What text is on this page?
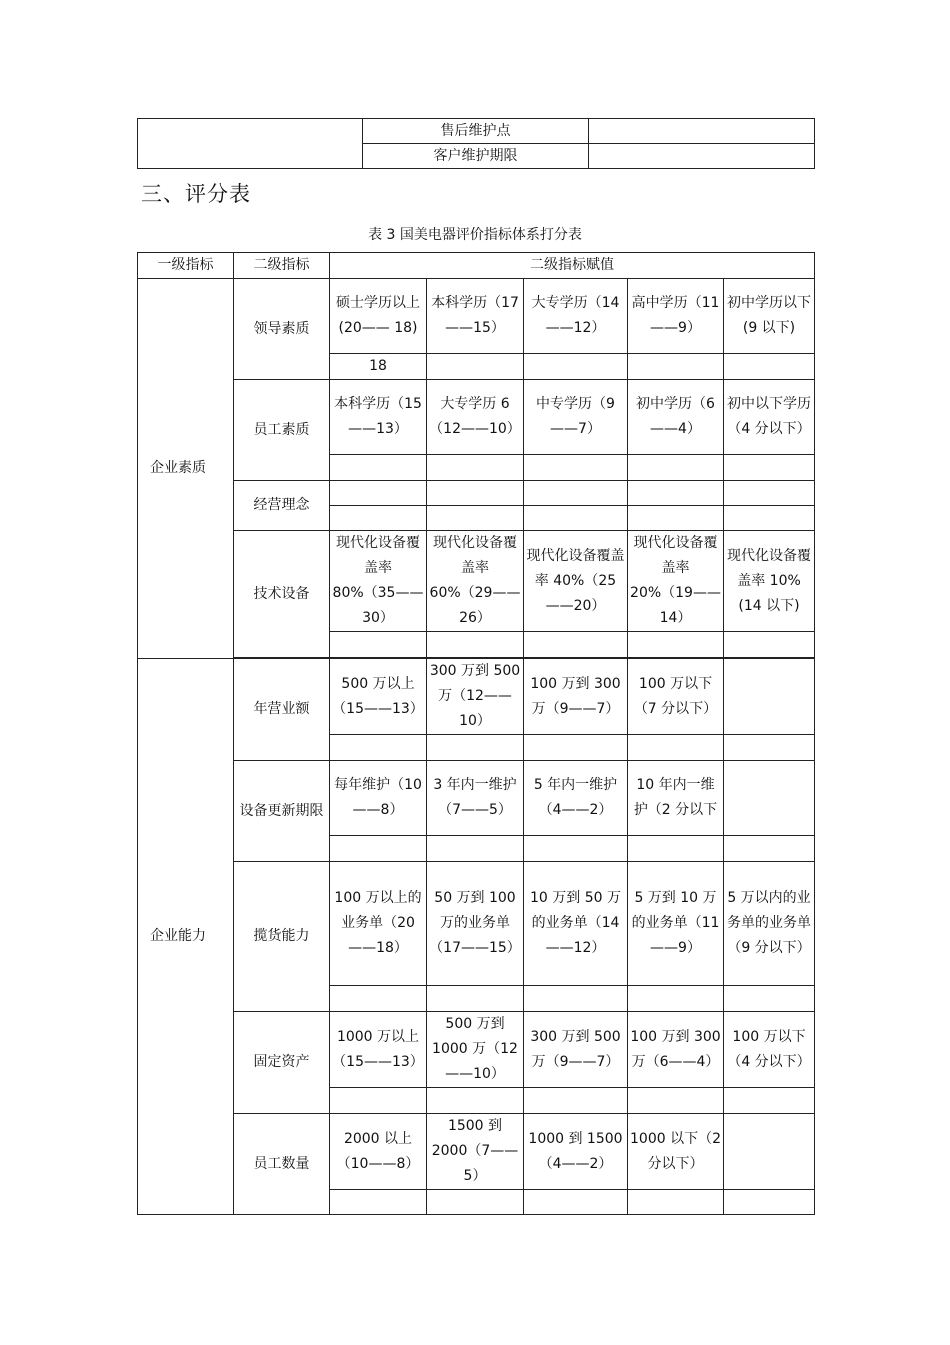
	售后维护点	
	客户维护期限	
三、评分表
表 3 国美电器评价指标体系打分表
一级指标	二级指标	二级指标赋值				
企业素质	领导素质	硕士学历以上 (20—— 18)	本科学历（17——15）	大专学历（14——12）	高中学历（11——9）	初中学历以下 (9 以下)
		18				
	员工素质	本科学历（15——13）	大专学历 6（12——10）	中专学历（9——7）	初中学历（6——4）	初中以下学历（4 分以下）

	经营理念					

	技术设备	现代化设备覆盖率 80%（35——30）	现代化设备覆盖率 60%（29——26）	现代化设备覆盖率 40%（25——20）	现代化设备覆盖率 20%（19——14）	现代化设备覆盖率 10%(14 以下)

企业能力	年营业额	500 万以上（15——13）	300 万到 500 万（12——10）	100 万到 300 万（9——7）	100 万以下（7 分以下）	

	设备更新期限	每年维护（10——8）	3 年内一维护（7——5）	5 年内一维护（4——2）	10 年内一维护（2 分以下	

	揽货能力	100 万以上的业务单（20——18）	50 万到 100 万的业务单（17——15）	10 万到 50 万的业务单（14——12）	5 万到 10 万的业务单（11——9）	5 万以内的业务单的业务单（9 分以下）

	固定资产	1000 万以上（15——13）	500 万到 1000 万（12——10）	300 万到 500 万（9——7）	100 万到 300 万（6——4）	100 万以下（4 分以下）

	员工数量	2000 以上（10——8）	1500 到 2000（7——5）	1000 到 1500（4——2）	1000 以下（2 分以下）	
